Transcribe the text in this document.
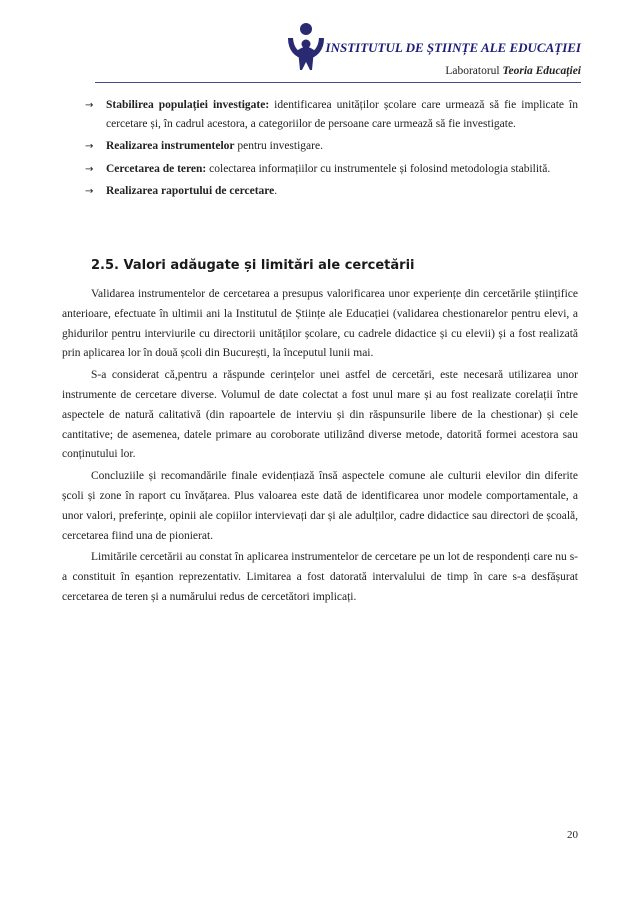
INSTITUTUL DE ȘTIINȚE ALE EDUCAȚIEI
Laboratorul Teoria Educației
→ Stabilirea populației investigate: identificarea unităților școlare care urmează să fie implicate în cercetare și, în cadrul acestora, a categoriilor de persoane care urmează să fie investigate.
→ Realizarea instrumentelor pentru investigare.
→ Cercetarea de teren: colectarea informațiilor cu instrumentele și folosind metodologia stabilită.
→ Realizarea raportului de cercetare.
2.5. Valori adăugate și limitări ale cercetării

Validarea instrumentelor de cercetarea a presupus valorificarea unor experiențe din cercetările științifice anterioare, efectuate în ultimii ani la Institutul de Științe ale Educației (validarea chestionarelor pentru elevi, a ghidurilor pentru interviurile cu directorii unităților școlare, cu cadrele didactice și cu elevii) și a fost realizată prin aplicarea lor în două școli din București, la începutul lunii mai.

S-a considerat că,pentru a răspunde cerințelor unei astfel de cercetări, este necesară utilizarea unor instrumente de cercetare diverse. Volumul de date colectat a fost unul mare și au fost realizate corelații între aspectele de natură calitativă (din rapoartele de interviu și din răspunsurile libere de la chestionar) și cele cantitative; de asemenea, datele primare au coroborate utilizând diverse metode, datorită formei acestora sau conținutului lor.

Concluziile și recomandările finale evidențiază însă aspectele comune ale culturii elevilor din diferite școli și zone în raport cu învățarea. Plus valoarea este dată de identificarea unor modele comportamentale, a unor valori, preferințe, opinii ale copiilor intervievați dar și ale adulților, cadre didactice sau directori de școală, cercetarea fiind una de pionierat.

Limitările cercetării au constat în aplicarea instrumentelor de cercetare pe un lot de respondenți care nu s-a constituit în eșantion reprezentativ. Limitarea a fost datorată intervalului de timp în care s-a desfășurat cercetarea de teren și a numărului redus de cercetători implicați.

20
